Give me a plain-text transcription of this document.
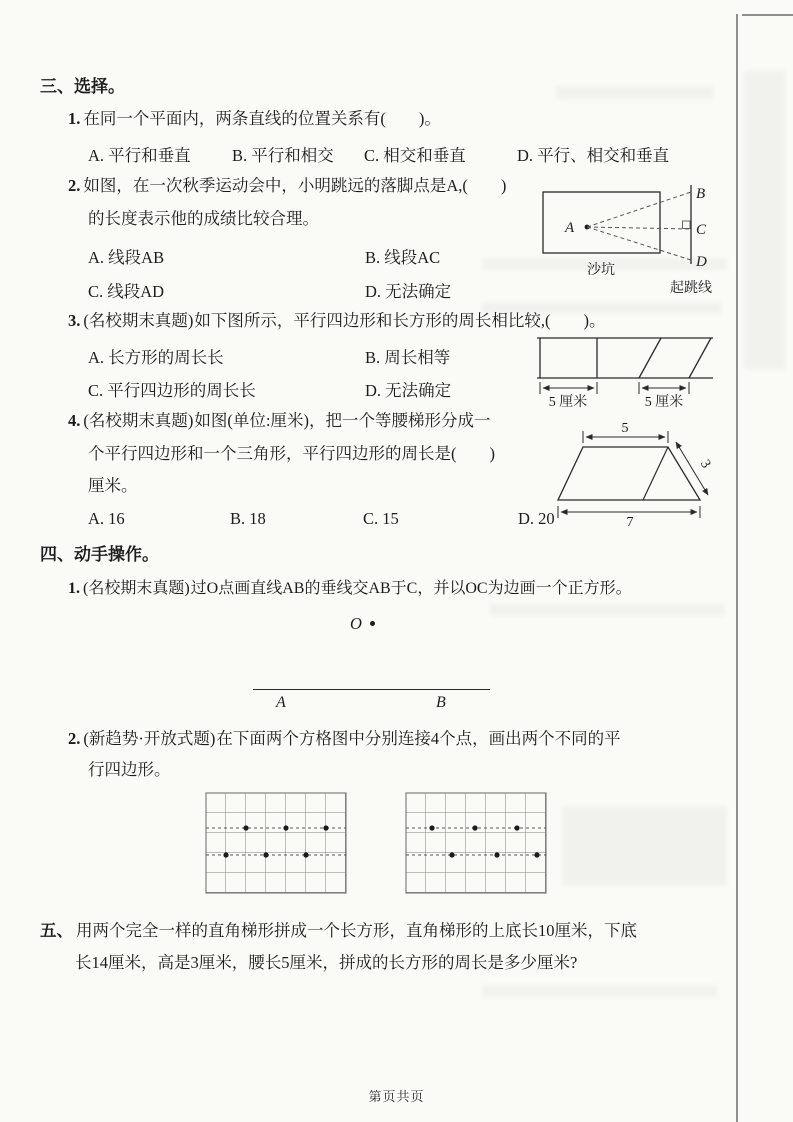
三、选择。
1. 在同一个平面内，两条直线的位置关系有(　　)。
A. 平行和垂直	B. 平行和相交 C. 相交和垂直	D. 平行、相交和垂直
2. 如图，在一次秋季运动会中，小明跳远的落脚点是A,(　　)
的长度表示他的成绩比较合理。
A. 线段AB	B. 线段AC
C. 线段AD	D. 无法确定
A
B
C
D
沙坑
起跳线
3. (名校期末真题)如下图所示，平行四边形和长方形的周长相比较,(　　)。
A. 长方形的周长长	B. 周长相等
C. 平行四边形的周长长	D. 无法确定
5 厘米	5 厘米
4. (名校期末真题)如图(单位:厘米)，把一个等腰梯形分成一
个平行四边形和一个三角形，平行四边形的周长是(　　)
厘米。
A. 16	B. 18	C. 15	D. 20
5
3
7
四、动手操作。
1. (名校期末真题)过O点画直线AB的垂线交AB于C，并以OC为边画一个正方形。
O
A	B
2. (新趋势·开放式题)在下面两个方格图中分别连接4个点，画出两个不同的平
行四边形。
五、 用两个完全一样的直角梯形拼成一个长方形，直角梯形的上底长10厘米，下底
长14厘米，高是3厘米，腰长5厘米，拼成的长方形的周长是多少厘米?
第页共页
